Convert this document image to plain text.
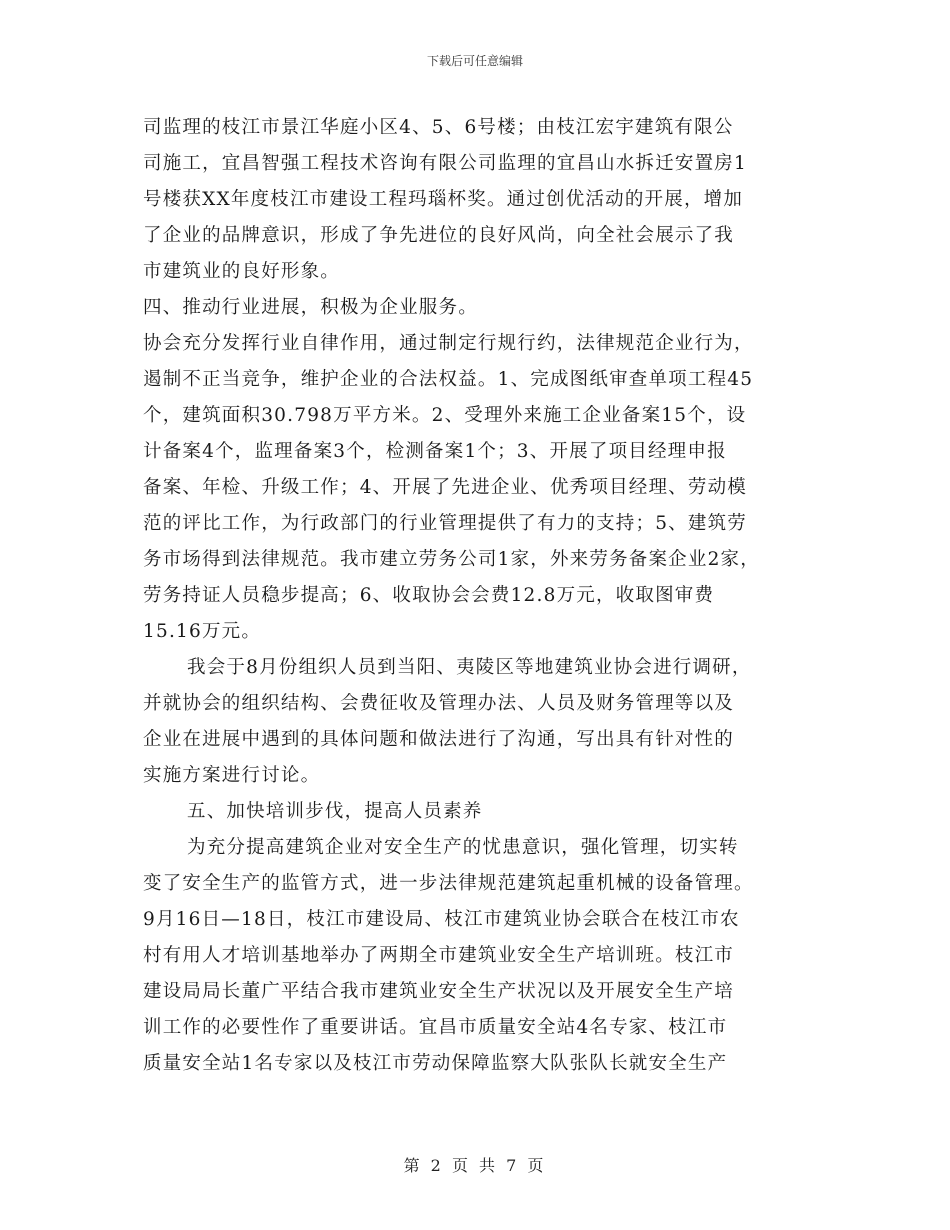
下载后可任意编辑
司监理的枝江市景江华庭小区4、5、6号楼；由枝江宏宇建筑有限公
司施工，宜昌智强工程技术咨询有限公司监理的宜昌山水拆迁安置房1
号楼获XX年度枝江市建设工程玛瑙杯奖。通过创优活动的开展，增加
了企业的品牌意识，形成了争先进位的良好风尚，向全社会展示了我
市建筑业的良好形象。
四、推动行业进展，积极为企业服务。
协会充分发挥行业自律作用，通过制定行规行约，法律规范企业行为，
遏制不正当竞争，维护企业的合法权益。1、完成图纸审查单项工程45
个，建筑面积30.798万平方米。2、受理外来施工企业备案15个，设
计备案4个，监理备案3个，检测备案1个；3、开展了项目经理申报
备案、年检、升级工作；4、开展了先进企业、优秀项目经理、劳动模
范的评比工作，为行政部门的行业管理提供了有力的支持；5、建筑劳
务市场得到法律规范。我市建立劳务公司1家，外来劳务备案企业2家，
劳务持证人员稳步提高；6、收取协会会费12.8万元，收取图审费
15.16万元。
我会于8月份组织人员到当阳、夷陵区等地建筑业协会进行调研，
并就协会的组织结构、会费征收及管理办法、人员及财务管理等以及
企业在进展中遇到的具体问题和做法进行了沟通，写出具有针对性的
实施方案进行讨论。
五、加快培训步伐，提高人员素养
为充分提高建筑企业对安全生产的忧患意识，强化管理，切实转
变了安全生产的监管方式，进一步法律规范建筑起重机械的设备管理。
9月16日—18日，枝江市建设局、枝江市建筑业协会联合在枝江市农
村有用人才培训基地举办了两期全市建筑业安全生产培训班。枝江市
建设局局长董广平结合我市建筑业安全生产状况以及开展安全生产培
训工作的必要性作了重要讲话。宜昌市质量安全站4名专家、枝江市
质量安全站1名专家以及枝江市劳动保障监察大队张队长就安全生产
第 2 页 共 7 页
